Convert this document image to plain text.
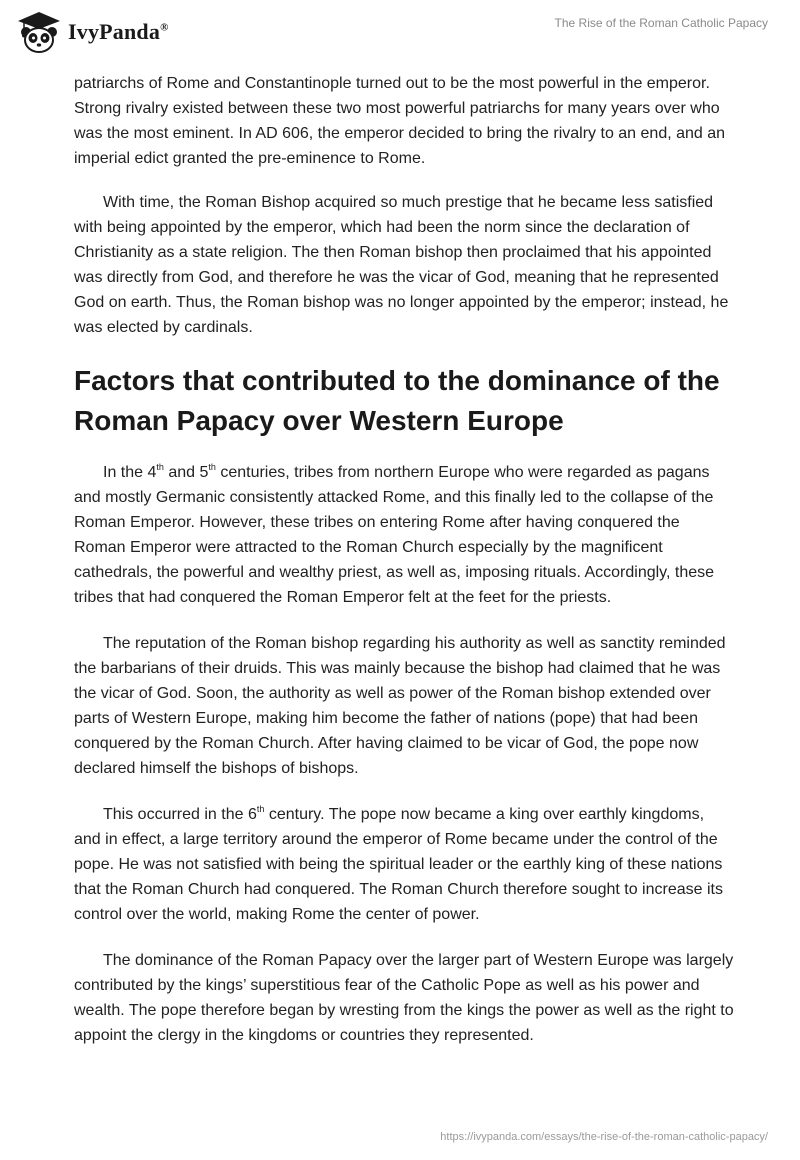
IvyPanda®	The Rise of the Roman Catholic Papacy

patriarchs of Rome and Constantinople turned out to be the most powerful in the emperor. Strong rivalry existed between these two most powerful patriarchs for many years over who was the most eminent. In AD 606, the emperor decided to bring the rivalry to an end, and an imperial edict granted the pre-eminence to Rome.

With time, the Roman Bishop acquired so much prestige that he became less satisfied with being appointed by the emperor, which had been the norm since the declaration of Christianity as a state religion. The then Roman bishop then proclaimed that his appointed was directly from God, and therefore he was the vicar of God, meaning that he represented God on earth. Thus, the Roman bishop was no longer appointed by the emperor; instead, he was elected by cardinals.

Factors that contributed to the dominance of the Roman Papacy over Western Europe

In the 4th and 5th centuries, tribes from northern Europe who were regarded as pagans and mostly Germanic consistently attacked Rome, and this finally led to the collapse of the Roman Emperor. However, these tribes on entering Rome after having conquered the Roman Emperor were attracted to the Roman Church especially by the magnificent cathedrals, the powerful and wealthy priest, as well as, imposing rituals. Accordingly, these tribes that had conquered the Roman Emperor felt at the feet for the priests.

The reputation of the Roman bishop regarding his authority as well as sanctity reminded the barbarians of their druids. This was mainly because the bishop had claimed that he was the vicar of God. Soon, the authority as well as power of the Roman bishop extended over parts of Western Europe, making him become the father of nations (pope) that had been conquered by the Roman Church. After having claimed to be vicar of God, the pope now declared himself the bishops of bishops.

This occurred in the 6th century. The pope now became a king over earthly kingdoms, and in effect, a large territory around the emperor of Rome became under the control of the pope. He was not satisfied with being the spiritual leader or the earthly king of these nations that the Roman Church had conquered. The Roman Church therefore sought to increase its control over the world, making Rome the center of power.

The dominance of the Roman Papacy over the larger part of Western Europe was largely contributed by the kings’ superstitious fear of the Catholic Pope as well as his power and wealth. The pope therefore began by wresting from the kings the power as well as the right to appoint the clergy in the kingdoms or countries they represented.

https://ivypanda.com/essays/the-rise-of-the-roman-catholic-papacy/
